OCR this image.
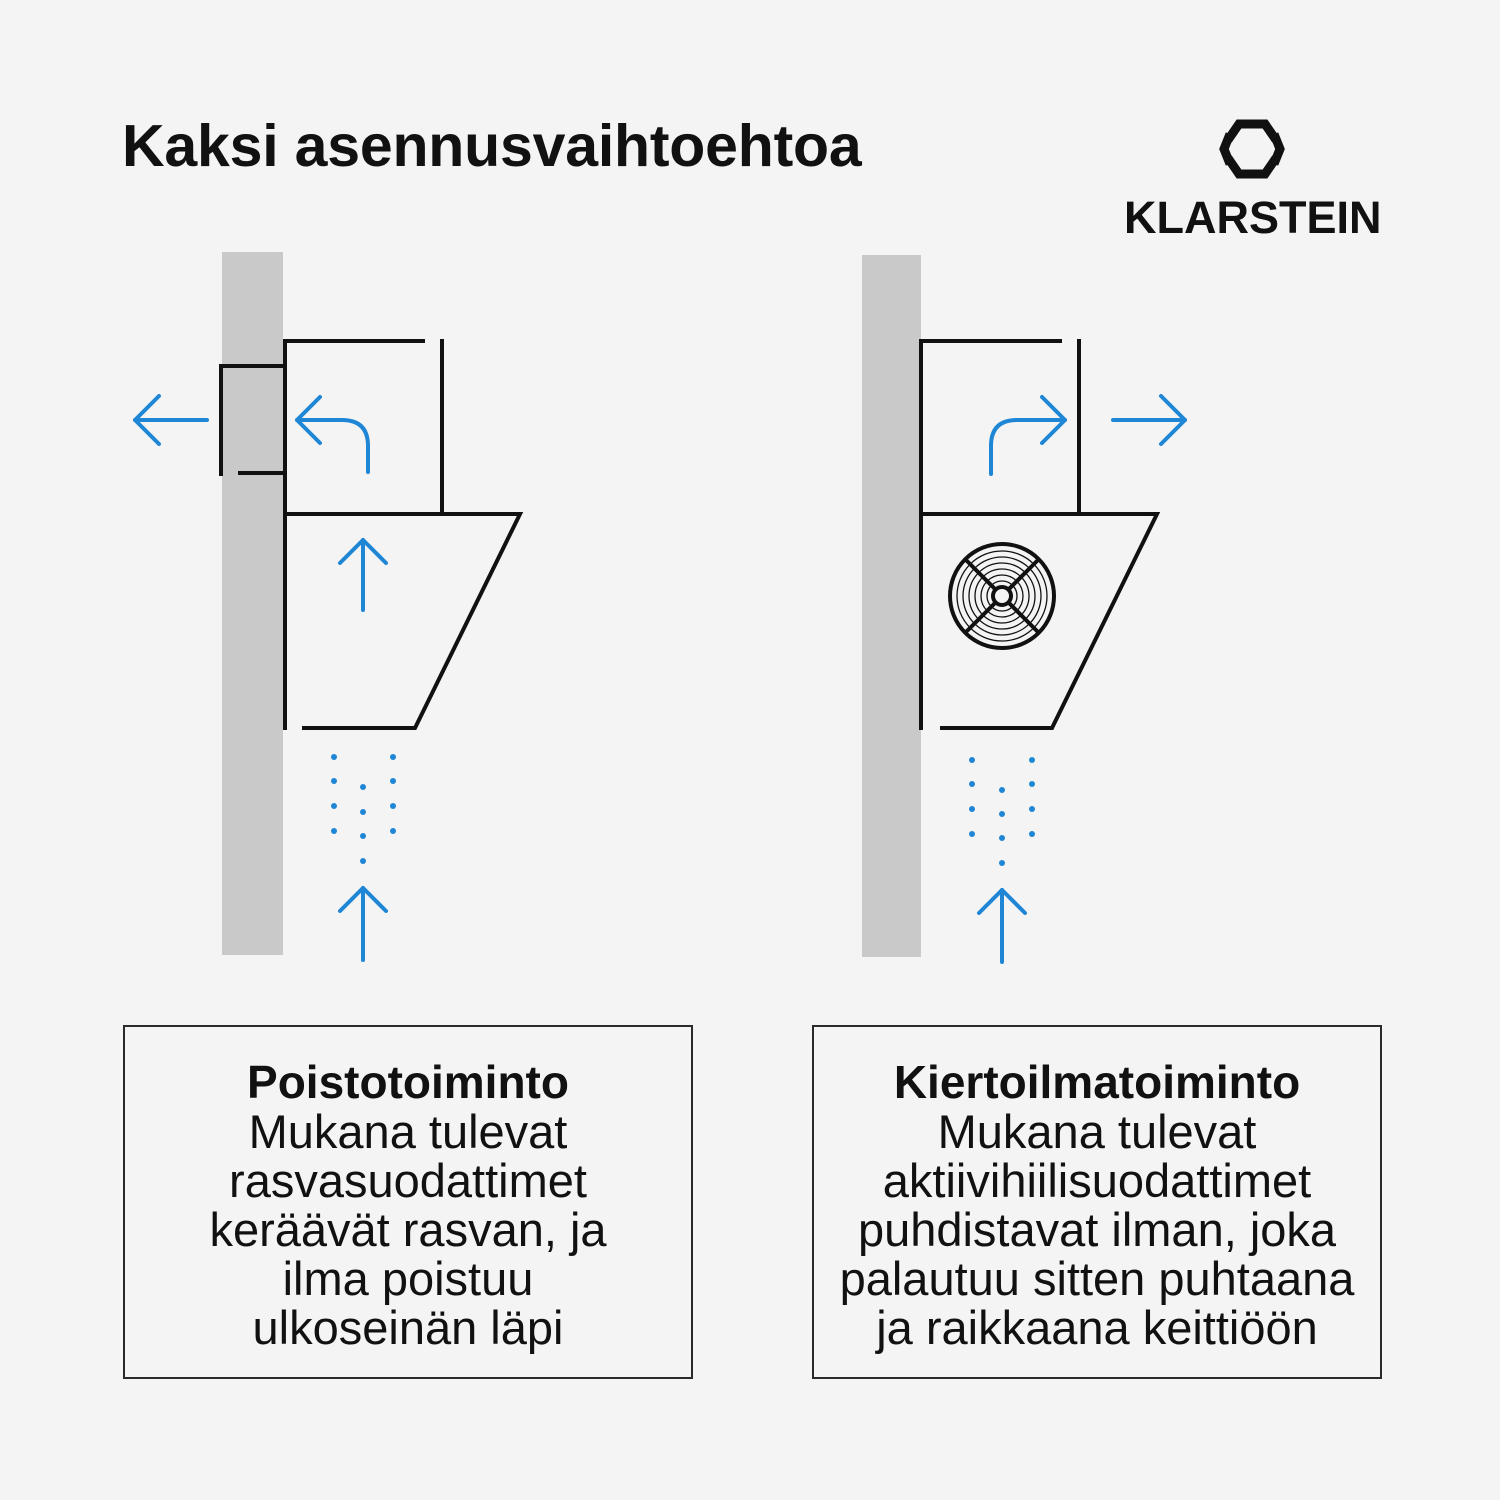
Kaksi asennusvaihtoehtoa
KLARSTEIN
Poistotoiminto
Mukana tulevat
rasvasuodattimet
keräävät rasvan, ja
ilma poistuu
ulkoseinän läpi
Kiertoilmatoiminto
Mukana tulevat
aktiivihiilisuodattimet
puhdistavat ilman, joka
palautuu sitten puhtaana
ja raikkaana keittiöön
